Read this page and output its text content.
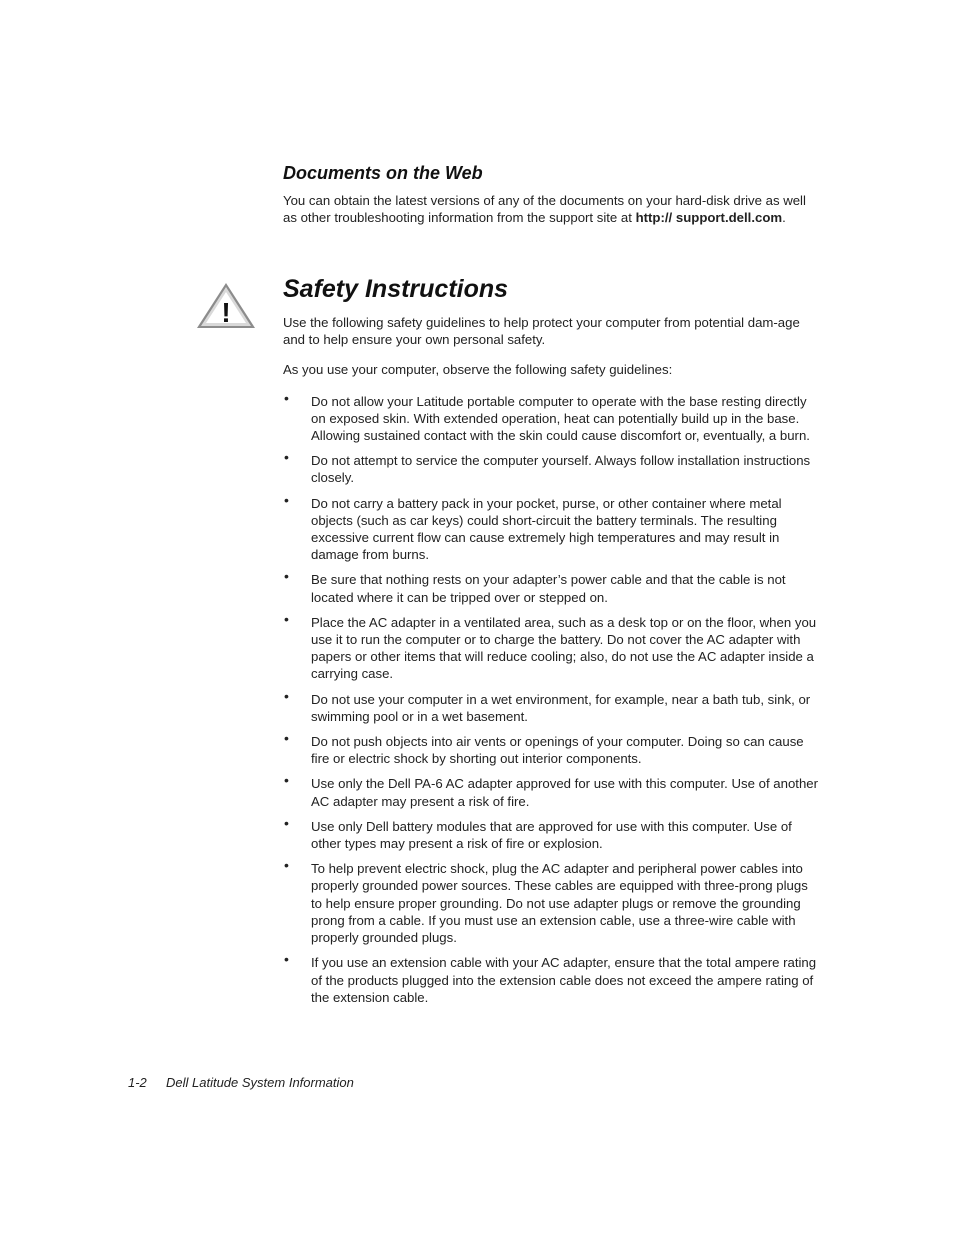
Documents on the Web

You can obtain the latest versions of any of the documents on your hard-disk drive as well as other troubleshooting information from the support site at http:// support.dell.com.

!
Safety Instructions

Use the following safety guidelines to help protect your computer from potential dam-age and to help ensure your own personal safety.

As you use your computer, observe the following safety guidelines:

• Do not allow your Latitude portable computer to operate with the base resting directly on exposed skin. With extended operation, heat can potentially build up in the base. Allowing sustained contact with the skin could cause discomfort or, eventually, a burn.
• Do not attempt to service the computer yourself. Always follow installation instructions closely.
• Do not carry a battery pack in your pocket, purse, or other container where metal objects (such as car keys) could short-circuit the battery terminals. The resulting excessive current flow can cause extremely high temperatures and may result in damage from burns.
• Be sure that nothing rests on your adapter’s power cable and that the cable is not located where it can be tripped over or stepped on.
• Place the AC adapter in a ventilated area, such as a desk top or on the floor, when you use it to run the computer or to charge the battery. Do not cover the AC adapter with papers or other items that will reduce cooling; also, do not use the AC adapter inside a carrying case.
• Do not use your computer in a wet environment, for example, near a bath tub, sink, or swimming pool or in a wet basement.
• Do not push objects into air vents or openings of your computer. Doing so can cause fire or electric shock by shorting out interior components.
• Use only the Dell PA-6 AC adapter approved for use with this computer. Use of another AC adapter may present a risk of fire.
• Use only Dell battery modules that are approved for use with this computer. Use of other types may present a risk of fire or explosion.
• To help prevent electric shock, plug the AC adapter and peripheral power cables into properly grounded power sources. These cables are equipped with three-prong plugs to help ensure proper grounding. Do not use adapter plugs or remove the grounding prong from a cable. If you must use an extension cable, use a three-wire cable with properly grounded plugs.
• If you use an extension cable with your AC adapter, ensure that the total ampere rating of the products plugged into the extension cable does not exceed the ampere rating of the extension cable.
1-2 Dell Latitude System Information
